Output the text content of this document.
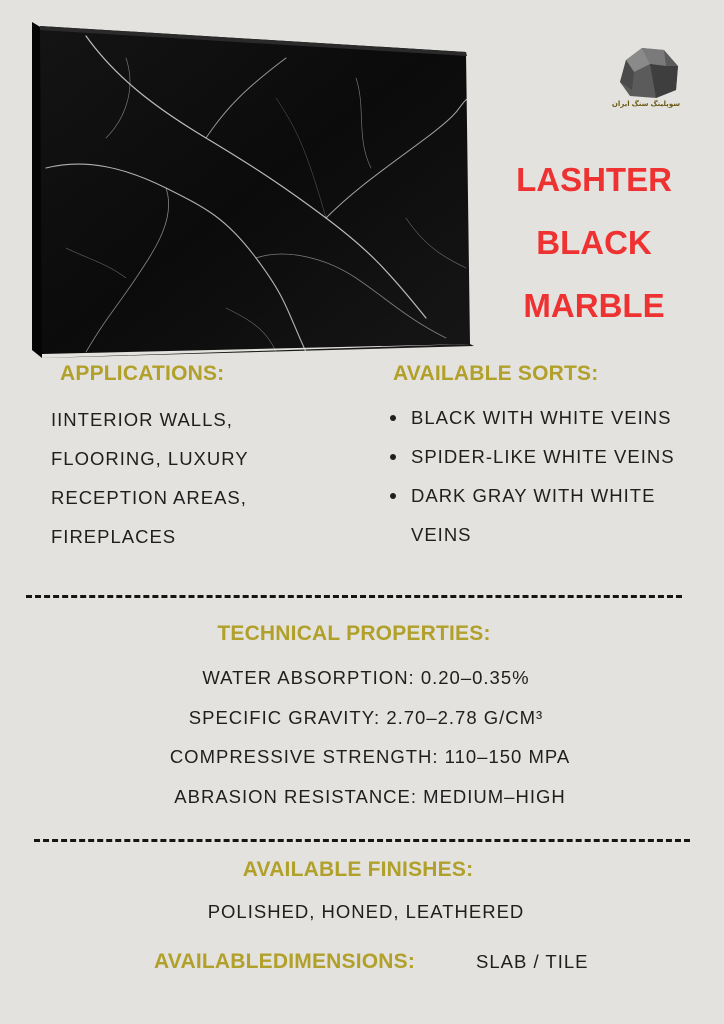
سوپلینگ سنگ ایران
LASHTER
BLACK
MARBLE
APPLICATIONS:
IINTERIOR WALLS,
FLOORING, LUXURY
RECEPTION AREAS,
FIREPLACES
AVAILABLE SORTS:
BLACK WITH WHITE VEINS
SPIDER-LIKE WHITE VEINS
DARK GRAY WITH WHITE
VEINS
TECHNICAL PROPERTIES:
WATER ABSORPTION: 0.20–0.35%
SPECIFIC GRAVITY: 2.70–2.78 G/CM³
COMPRESSIVE STRENGTH: 110–150 MPA
ABRASION RESISTANCE: MEDIUM–HIGH
AVAILABLE FINISHES:
POLISHED, HONED, LEATHERED
AVAILABLEDIMENSIONS:	SLAB / TILE
